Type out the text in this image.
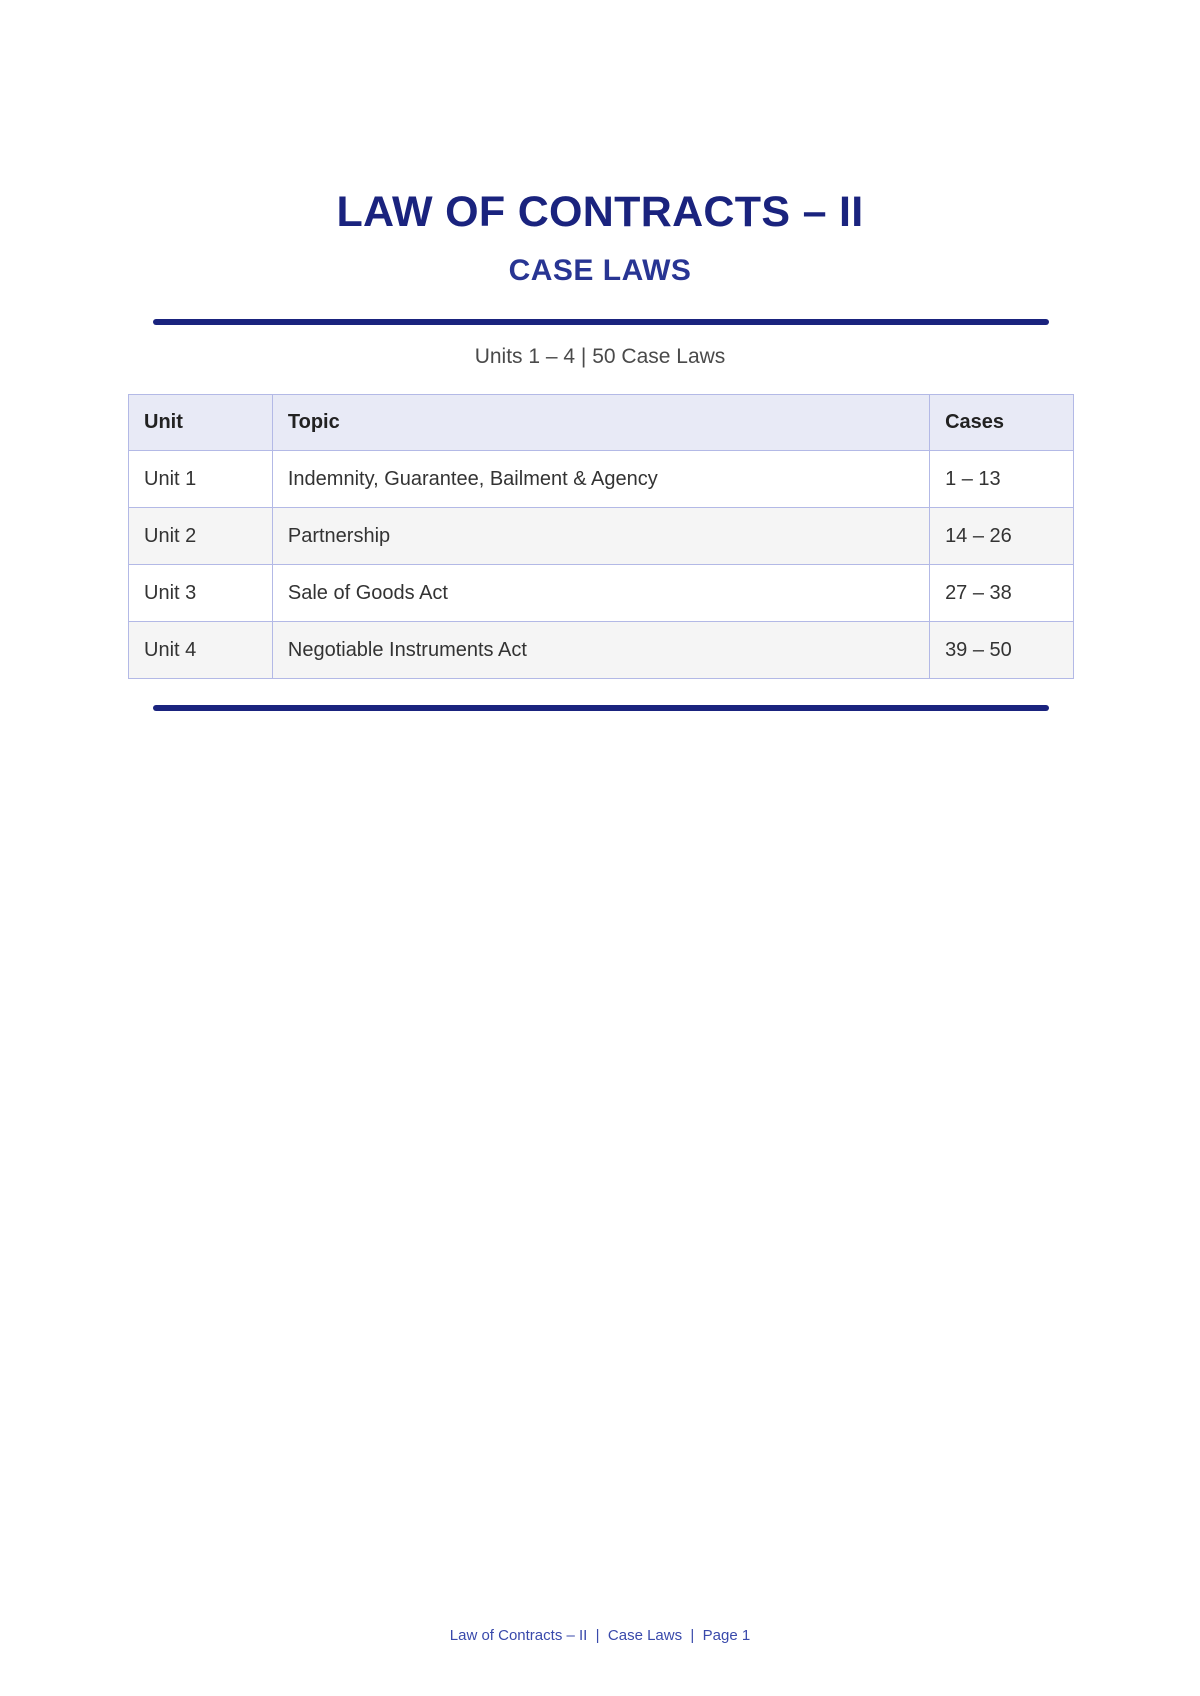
LAW OF CONTRACTS – II
CASE LAWS
Units 1 – 4 | 50 Case Laws
Unit	Topic	Cases
Unit 1	Indemnity, Guarantee, Bailment & Agency	1 – 13
Unit 2	Partnership	14 – 26
Unit 3	Sale of Goods Act	27 – 38
Unit 4	Negotiable Instruments Act	39 – 50
Law of Contracts – II  |  Case Laws  |  Page 1
